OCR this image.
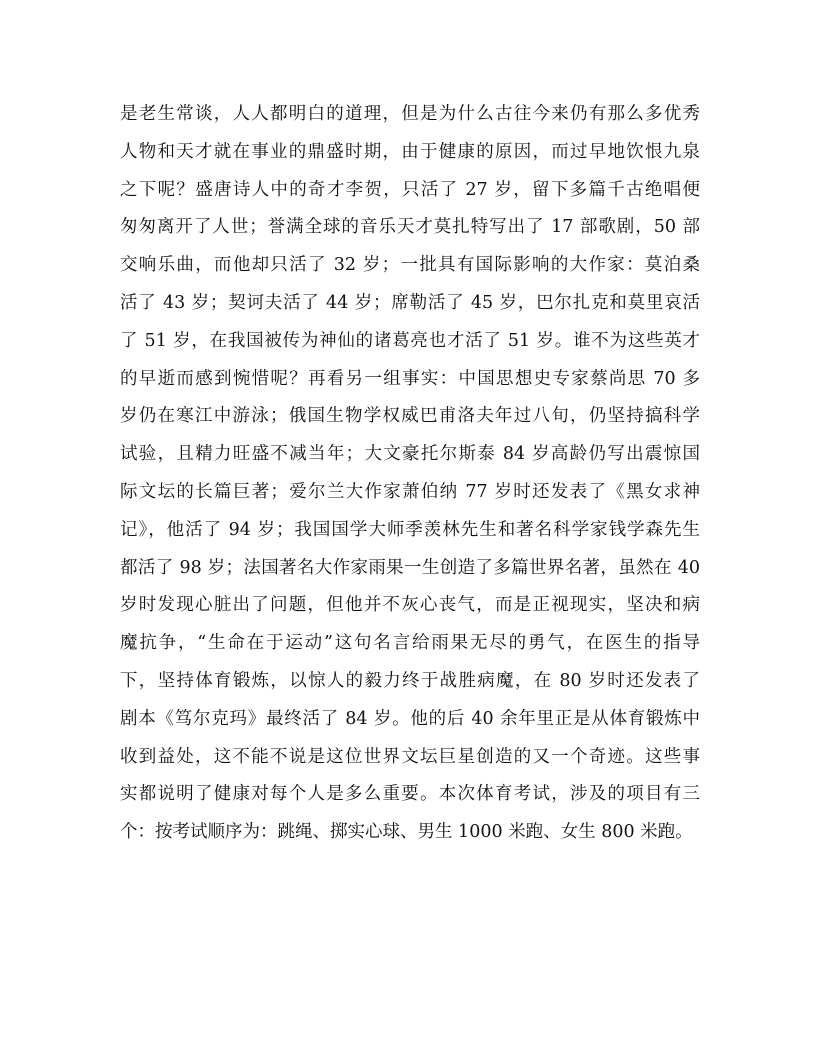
是老生常谈，人人都明白的道理，但是为什么古往今来仍有那么多优秀
人物和天才就在事业的鼎盛时期，由于健康的原因，而过早地饮恨九泉
之下呢？盛唐诗人中的奇才李贺，只活了 27 岁，留下多篇千古绝唱便
匆匆离开了人世；誉满全球的音乐天才莫扎特写出了 17 部歌剧，50 部
交响乐曲，而他却只活了 32 岁；一批具有国际影响的大作家：莫泊桑
活了 43 岁；契诃夫活了 44 岁；席勒活了 45 岁，巴尔扎克和莫里哀活
了 51 岁，在我国被传为神仙的诸葛亮也才活了 51 岁。谁不为这些英才
的早逝而感到惋惜呢？再看另一组事实：中国思想史专家蔡尚思 70 多
岁仍在寒江中游泳；俄国生物学权威巴甫洛夫年过八旬，仍坚持搞科学
试验，且精力旺盛不减当年；大文豪托尔斯泰 84 岁高龄仍写出震惊国
际文坛的长篇巨著；爱尔兰大作家萧伯纳 77 岁时还发表了《黑女求神
记》，他活了 94 岁；我国国学大师季羡林先生和著名科学家钱学森先生
都活了 98 岁；法国著名大作家雨果一生创造了多篇世界名著，虽然在 40
岁时发现心脏出了问题，但他并不灰心丧气，而是正视现实，坚决和病
魔抗争，“生命在于运动”这句名言给雨果无尽的勇气，在医生的指导
下，坚持体育锻炼，以惊人的毅力终于战胜病魔，在 80 岁时还发表了
剧本《笃尔克玛》最终活了 84 岁。他的后 40 余年里正是从体育锻炼中
收到益处，这不能不说是这位世界文坛巨星创造的又一个奇迹。这些事
实都说明了健康对每个人是多么重要。本次体育考试，涉及的项目有三
个：按考试顺序为：跳绳、掷实心球、男生 1000 米跑、女生 800 米跑。
